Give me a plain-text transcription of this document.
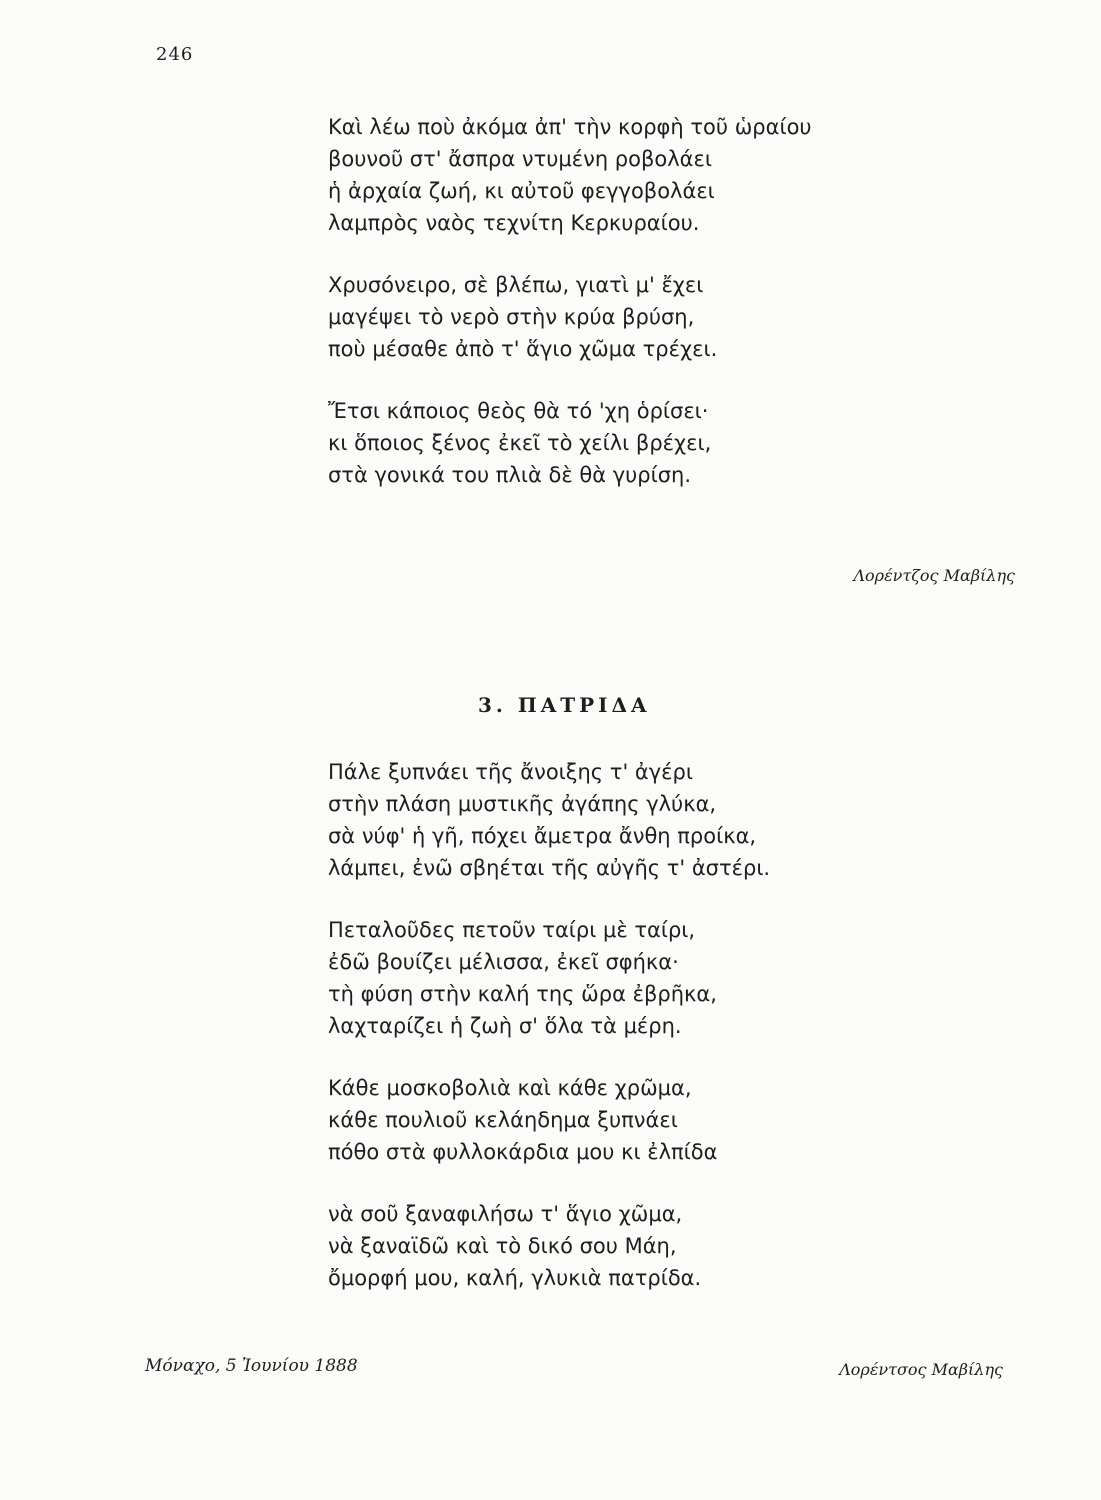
246
Καὶ λέω ποὺ ἀκόμα ἀπ' τὴν κορφὴ τοῦ ὡραίου
βουνοῦ στ' ἄσπρα ντυμένη ροβολάει
ἡ ἀρχαία ζωή, κι αὐτοῦ φεγγοβολάει
λαμπρὸς ναὸς τεχνίτη Κερκυραίου.
Χρυσόνειρο, σὲ βλέπω, γιατὶ μ' ἔχει
μαγέψει τὸ νερὸ στὴν κρύα βρύση,
ποὺ μέσαθε ἀπὸ τ' ἅγιο χῶμα τρέχει.
Ἔτσι κάποιος θεὸς θὰ τό 'χη ὁρίσει·
κι ὅποιος ξένος ἐκεῖ τὸ χείλι βρέχει,
στὰ γονικά του πλιὰ δὲ θὰ γυρίση.
Λορέντζος Μαβίλης
3. ΠΑΤΡΙΔΑ
Πάλε ξυπνάει τῆς ἄνοιξης τ' ἀγέρι
στὴν πλάση μυστικῆς ἀγάπης γλύκα,
σὰ νύφ' ἡ γῆ, πόχει ἄμετρα ἄνθη προίκα,
λάμπει, ἐνῶ σβηέται τῆς αὐγῆς τ' ἀστέρι.
Πεταλοῦδες πετοῦν ταίρι μὲ ταίρι,
ἐδῶ βουίζει μέλισσα, ἐκεῖ σφήκα·
τὴ φύση στὴν καλή της ὥρα ἐβρῆκα,
λαχταρίζει ἡ ζωὴ σ' ὅλα τὰ μέρη.
Κάθε μοσκοβολιὰ καὶ κάθε χρῶμα,
κάθε πουλιοῦ κελάηδημα ξυπνάει
πόθο στὰ φυλλοκάρδια μου κι ἐλπίδα
νὰ σοῦ ξαναφιλήσω τ' ἅγιο χῶμα,
νὰ ξαναϊδῶ καὶ τὸ δικό σου Μάη,
ὄμορφή μου, καλή, γλυκιὰ πατρίδα.
Μόναχο, 5 Ἰουνίου 1888	Λορέντσος Μαβίλης
